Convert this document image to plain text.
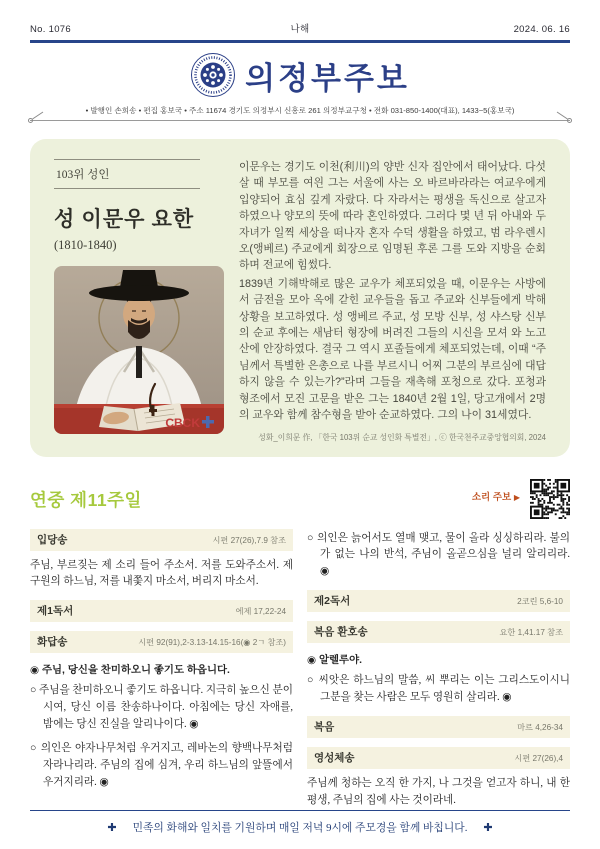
No. 1076	나해	2024. 06. 16
의정부주보
• 발행인 손희송 • 편집 홍보국 • 주소 11674 경기도 의정부시 신흥로 261 의정부교구청 • 전화 031-850-1400(대표), 1433~5(홍보국)
103위 성인
성 이문우 요한
(1810-1840)
CBCK

이문우는 경기도 이천(利川)의 양반 신자 집안에서 태어났다. 다섯 살 때 부모를 여읜 그는 서울에 사는 오 바르바라라는 여교우에게 입양되어 효심 깊게 자랐다. 다 자라서는 평생을 독신으로 살고자 하였으나 양모의 뜻에 따라 혼인하였다. 그러다 몇 년 뒤 아내와 두 자녀가 일찍 세상을 떠나자 혼자 수덕 생활을 하였고, 범 라우렌시오(앵베르) 주교에게 회장으로 임명된 후론 그를 도와 지방을 순회하며 전교에 힘썼다.

1839년 기해박해로 많은 교우가 체포되었을 때, 이문우는 사방에서 금전을 모아 옥에 갇힌 교우들을 돕고 주교와 신부들에게 박해 상황을 보고하였다. 성 앵베르 주교, 성 모방 신부, 성 샤스탕 신부의 순교 후에는 새남터 형장에 버려진 그들의 시신을 모셔 와 노고산에 안장하였다. 결국 그 역시 포졸들에게 체포되었는데, 이때 “주님께서 특별한 은총으로 나를 부르시니 어찌 그분의 부르심에 대답하지 않을 수 있는가?”라며 그들을 재촉해 포청으로 갔다. 포청과 형조에서 모진 고문을 받은 그는 1840년 2월 1일, 당고개에서 2명의 교우와 함께 참수형을 받아 순교하였다. 그의 나이 31세였다.

성화_이희문 作, 「한국 103위 순교 성인화 특별전」, ⓒ 한국천주교중앙협의회, 2024
연중 제11주일	소리 주보 ▶
입당송	시편 27(26),7.9 참조

주님, 부르짖는 제 소리 들어 주소서. 저를 도와주소서. 제 구원의 하느님, 저를 내쫓지 마소서, 버리지 마소서.

제1독서	에제 17,22-24
화답송	시편 92(91),2-3.13-14.15-16(◉ 2ㄱ 참조)

◉ 주님, 당신을 찬미하오니 좋기도 하옵니다.

○ 주님을 찬미하오니 좋기도 하옵니다. 지극히 높으신 분이시여, 당신 이름 찬송하나이다. 아침에는 당신 자애를, 밤에는 당신 진실을 알리나이다. ◉

○ 의인은 야자나무처럼 우거지고, 레바논의 향백나무처럼 자라나리라. 주님의 집에 심겨, 우리 하느님의 앞뜰에서 우거지리라. ◉

○ 의인은 늙어서도 열매 맺고, 물이 올라 싱싱하리라. 불의가 없는 나의 반석, 주님이 올곧으심을 널리 알리리라. ◉

제2독서	2코린 5,6-10
복음 환호송	요한 1,41.17 참조

◉ 알렐루야.

○ 씨앗은 하느님의 말씀, 씨 뿌리는 이는 그리스도이시니 그분을 찾는 사람은 모두 영원히 살리라. ◉

복음	마르 4,26-34
영성체송	시편 27(26),4

주님께 청하는 오직 한 가지, 나 그것을 얻고자 하니, 내 한평생, 주님의 집에 사는 것이라네.

✚ 민족의 화해와 일치를 기원하며 매일 저녁 9시에 주모경을 함께 바칩니다. ✚
